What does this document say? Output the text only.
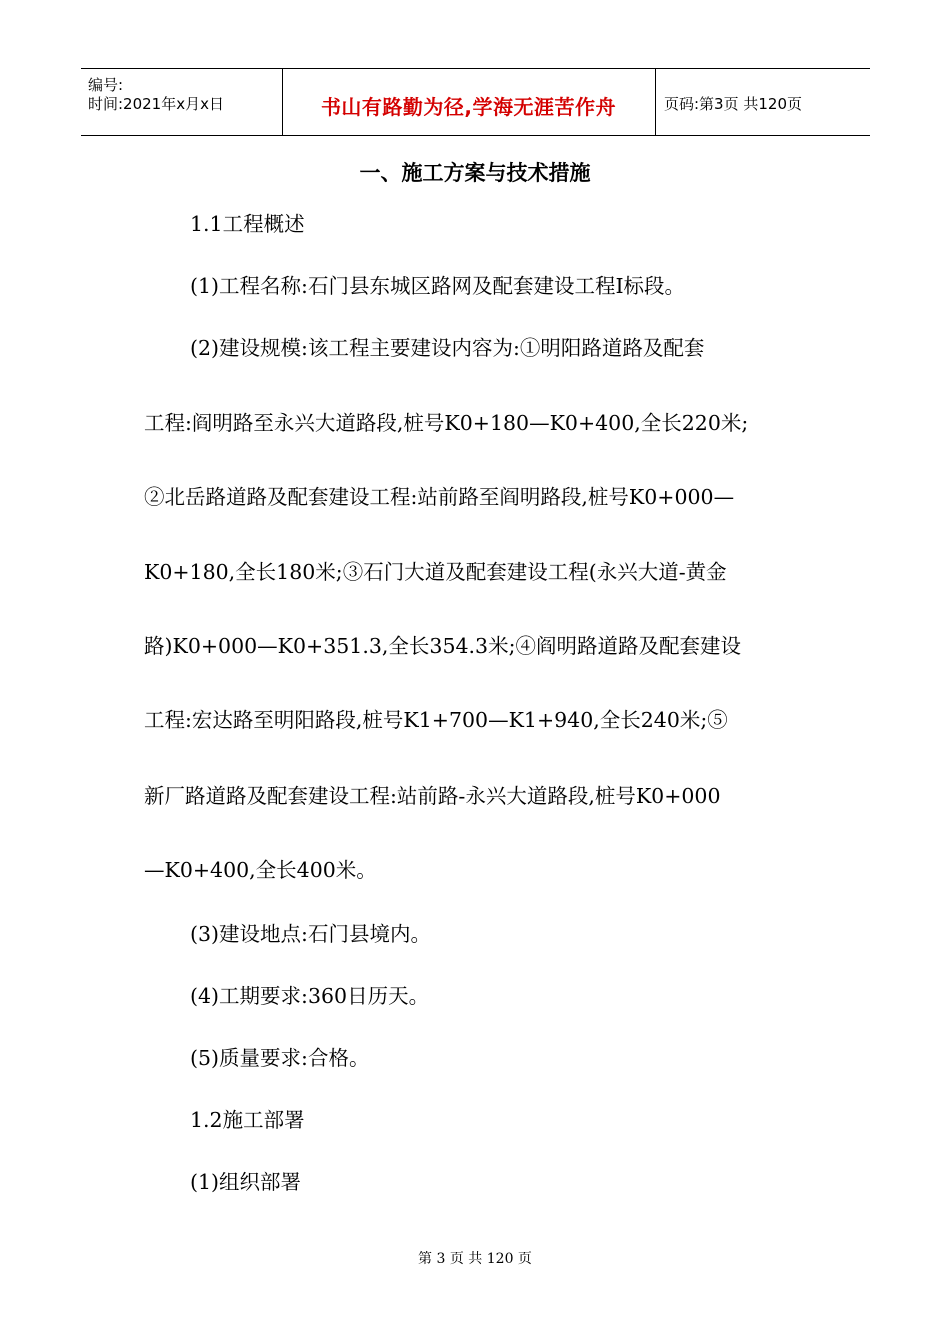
编号:
时间:2021年x月x日	书山有路勤为径,学海无涯苦作舟	页码:第3页 共120页
一、施工方案与技术措施
1.1工程概述
(1)工程名称:石门县东城区路网及配套建设工程Ⅰ标段。
(2)建设规模:该工程主要建设内容为:①明阳路道路及配套
工程:阎明路至永兴大道路段,桩号K0+180—K0+400,全长220米;
②北岳路道路及配套建设工程:站前路至阎明路段,桩号K0+000—
K0+180,全长180米;③石门大道及配套建设工程(永兴大道-黄金
路)K0+000—K0+351.3,全长354.3米;④阎明路道路及配套建设
工程:宏达路至明阳路段,桩号K1+700—K1+940,全长240米;⑤
新厂路道路及配套建设工程:站前路-永兴大道路段,桩号K0+000
—K0+400,全长400米。
(3)建设地点:石门县境内。
(4)工期要求:360日历天。
(5)质量要求:合格。
1.2施工部署
(1)组织部署
第 3 页 共 120 页
